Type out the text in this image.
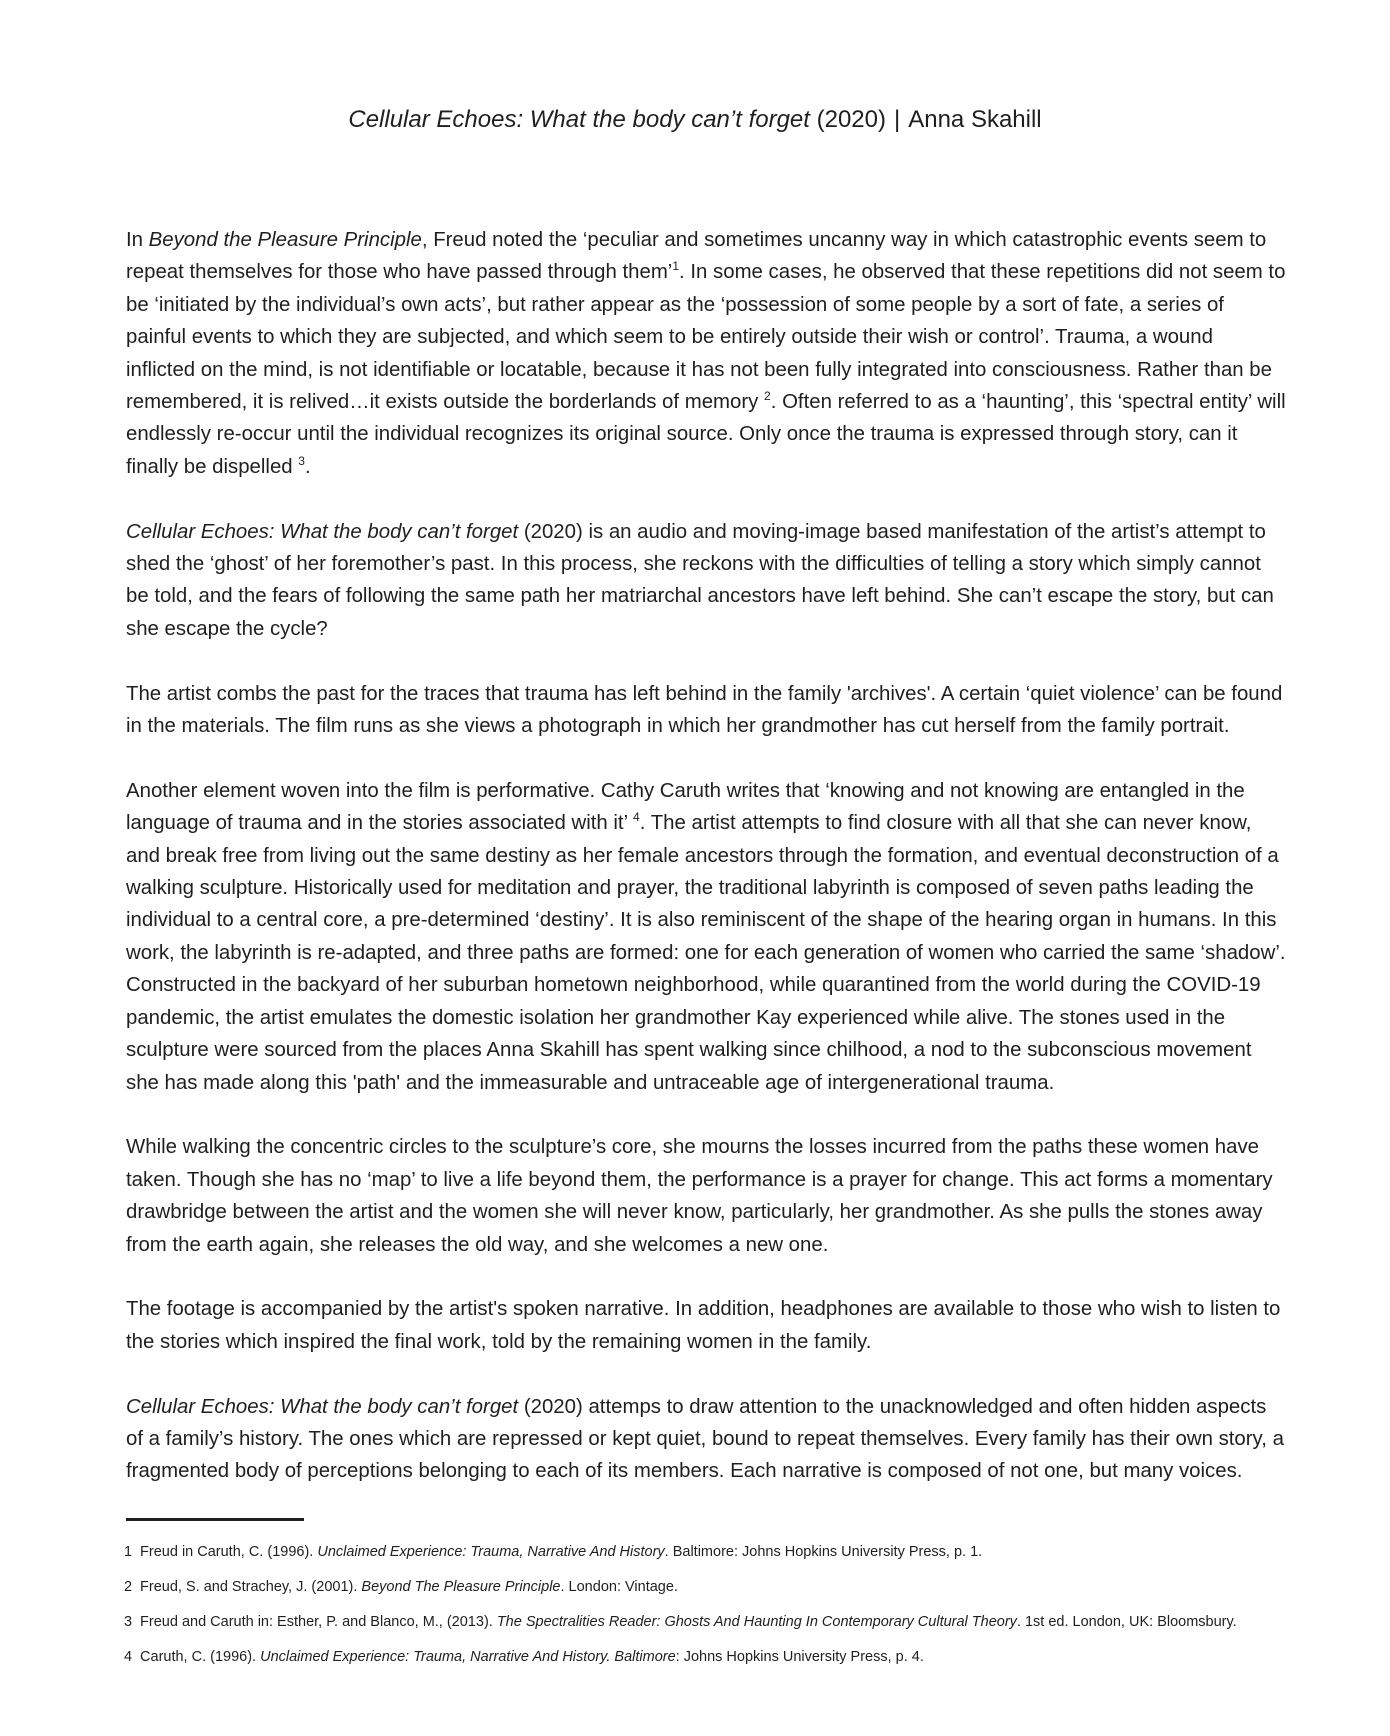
Cellular Echoes: What the body can’t forget (2020) | Anna Skahill

In Beyond the Pleasure Principle, Freud noted the ‘peculiar and sometimes uncanny way in which catastrophic events seem to repeat themselves for those who have passed through them’$^1$. In some cases, he observed that these repetitions did not seem to be ‘initiated by the individual’s own acts’, but rather appear as the ‘possession of some people by a sort of fate, a series of painful events to which they are subjected, and which seem to be entirely outside their wish or control’. Trauma, a wound inflicted on the mind, is not identifiable or locatable, because it has not been fully integrated into consciousness. Rather than be remembered, it is relived…it exists outside the borderlands of memory $^2$. Often referred to as a ‘haunting’, this ‘spectral entity’ will endlessly re-occur until the individual recognizes its original source. Only once the trauma is expressed through story, can it finally be dispelled $^3$.

Cellular Echoes: What the body can’t forget (2020) is an audio and moving-image based manifestation of the artist’s attempt to shed the ‘ghost’ of her foremother’s past. In this process, she reckons with the difficulties of telling a story which simply cannot be told, and the fears of following the same path her matriarchal ancestors have left behind. She can’t escape the story, but can she escape the cycle?

The artist combs the past for the traces that trauma has left behind in the family 'archives'. A certain ‘quiet violence’ can be found in the materials. The film runs as she views a photograph in which her grandmother has cut herself from the family portrait.

Another element woven into the film is performative. Cathy Caruth writes that ‘knowing and not knowing are entangled in the language of trauma and in the stories associated with it’ $^4$. The artist attempts to find closure with all that she can never know, and break free from living out the same destiny as her female ancestors through the formation, and eventual deconstruction of a walking sculpture. Historically used for meditation and prayer, the traditional labyrinth is composed of seven paths leading the individual to a central core, a pre-determined ‘destiny’. It is also reminiscent of the shape of the hearing organ in humans. In this work, the labyrinth is re-adapted, and three paths are formed: one for each generation of women who carried the same ‘shadow’. Constructed in the backyard of her suburban hometown neighborhood, while quarantined from the world during the COVID-19 pandemic, the artist emulates the domestic isolation her grandmother Kay experienced while alive. The stones used in the sculpture were sourced from the places Anna Skahill has spent walking since chilhood, a nod to the subconscious movement she has made along this 'path' and the immeasurable and untraceable age of intergenerational trauma.

While walking the concentric circles to the sculpture’s core, she mourns the losses incurred from the paths these women have taken. Though she has no ‘map’ to live a life beyond them, the performance is a prayer for change. This act forms a momentary drawbridge between the artist and the women she will never know, particularly, her grandmother. As she pulls the stones away from the earth again, she releases the old way, and she welcomes a new one.

The footage is accompanied by the artist's spoken narrative. In addition, headphones are available to those who wish to listen to the stories which inspired the final work, told by the remaining women in the family.

Cellular Echoes: What the body can’t forget (2020) attemps to draw attention to the unacknowledged and often hidden aspects of a family’s history. The ones which are repressed or kept quiet, bound to repeat themselves. Every family has their own story, a fragmented body of perceptions belonging to each of its members. Each narrative is composed of not one, but many voices.

1 Freud in Caruth, C. (1996). Unclaimed Experience: Trauma, Narrative And History. Baltimore: Johns Hopkins University Press, p. 1.
2 Freud, S. and Strachey, J. (2001). Beyond The Pleasure Principle. London: Vintage.
3 Freud and Caruth in: Esther, P. and Blanco, M., (2013). The Spectralities Reader: Ghosts And Haunting In Contemporary Cultural Theory. 1st ed. London, UK: Bloomsbury.
4 Caruth, C. (1996). Unclaimed Experience: Trauma, Narrative And History. Baltimore: Johns Hopkins University Press, p. 4.
